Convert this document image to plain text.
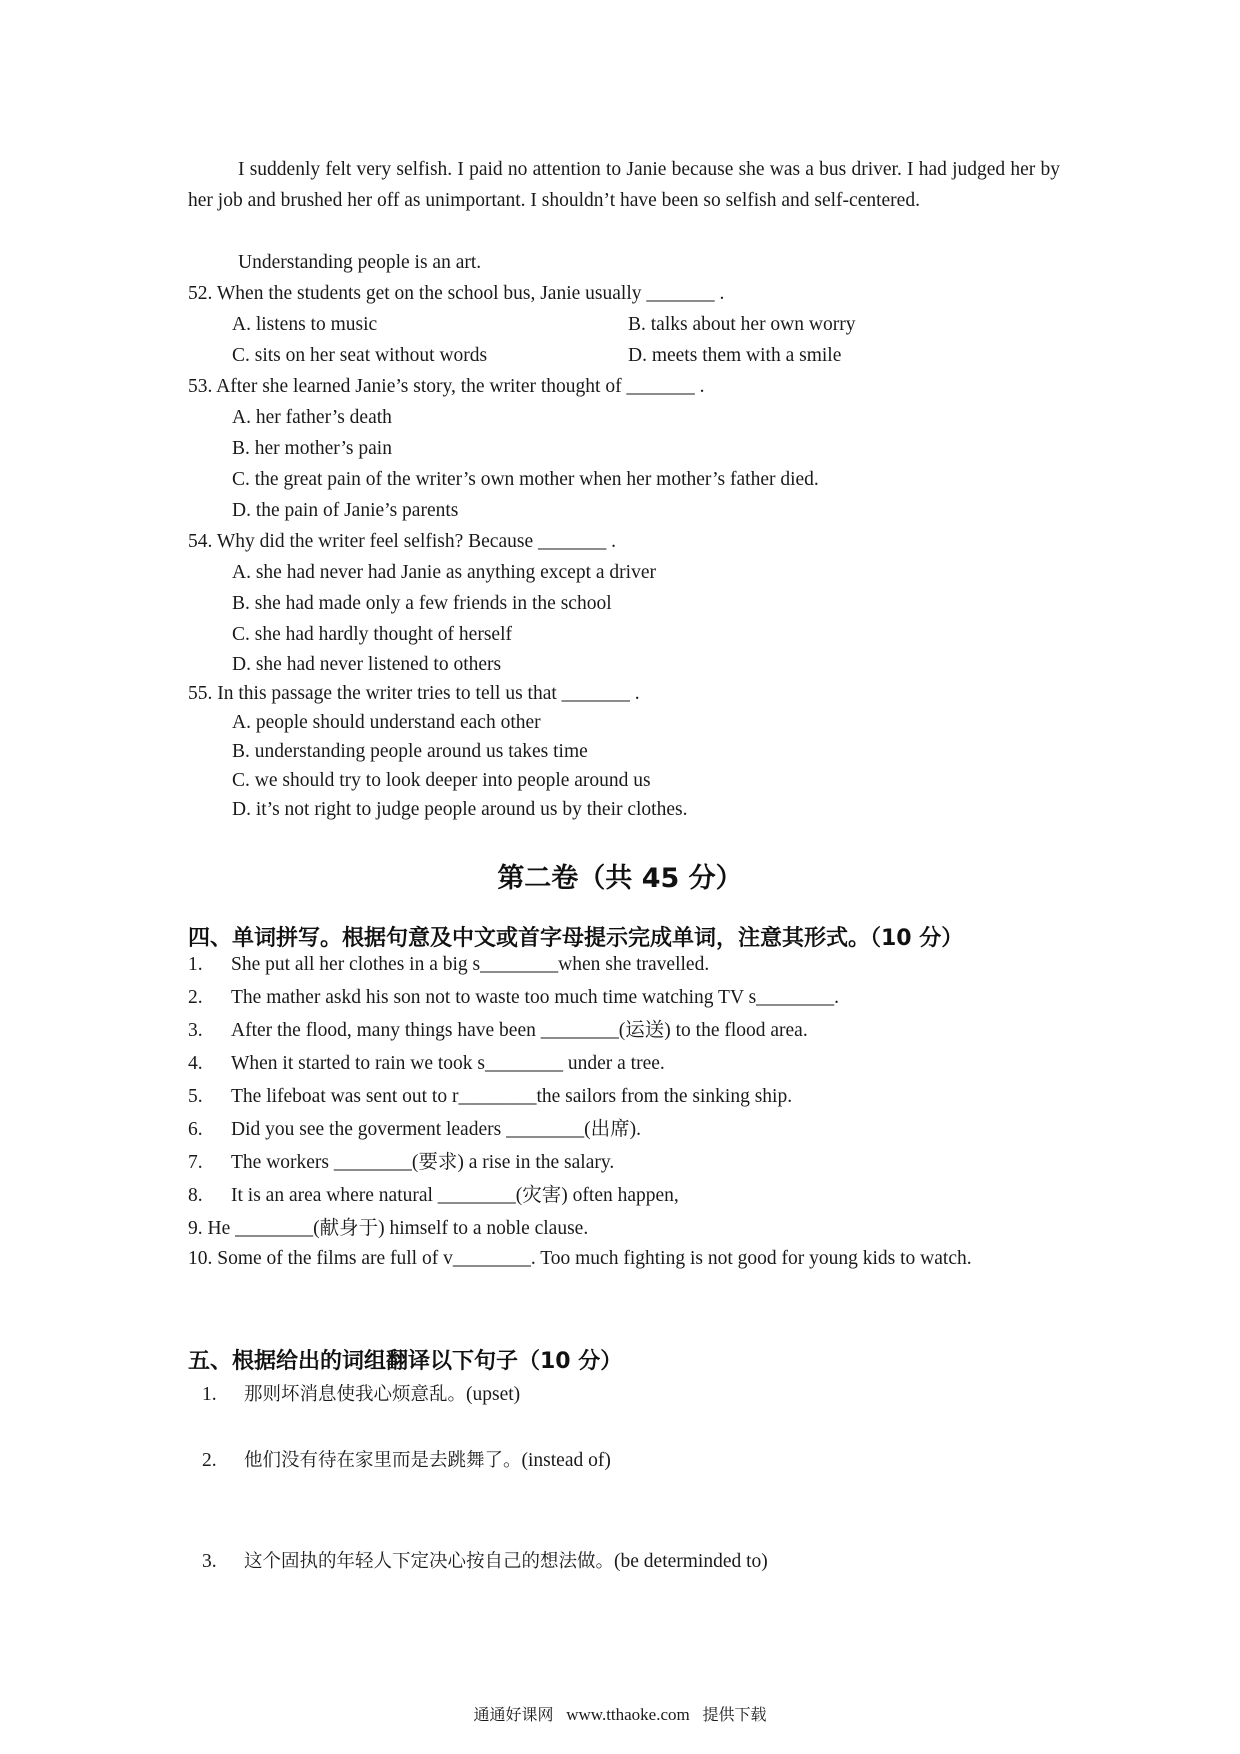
I suddenly felt very selfish. I paid no attention to Janie because she was a bus driver. I had judged her by her job and brushed her off as unimportant. I shouldn’t have been so selfish and self-centered.
Understanding people is an art.
52. When the students get on the school bus, Janie usually _______ .
A. listens to music	B. talks about her own worry
C. sits on her seat without words	D. meets them with a smile
53. After she learned Janie’s story, the writer thought of _______ .
A. her father’s death
B. her mother’s pain
C. the great pain of the writer’s own mother when her mother’s father died.
D. the pain of Janie’s parents
54. Why did the writer feel selfish? Because _______ .
A. she had never had Janie as anything except a driver
B. she had made only a few friends in the school
C. she had hardly thought of herself
D. she had never listened to others
55. In this passage the writer tries to tell us that _______ .
A. people should understand each other
B. understanding people around us takes time
C. we should try to look deeper into people around us
D. it’s not right to judge people around us by their clothes.
第二卷（共 45 分）
四、单词拼写。根据句意及中文或首字母提示完成单词，注意其形式。（10 分）
1. She put all her clothes in a big s________when she travelled.
2. The mather askd his son not to waste too much time watching TV s________.
3. After the flood, many things have been ________(运送) to the flood area.
4. When it started to rain we took s________ under a tree.
5. The lifeboat was sent out to r________the sailors from the sinking ship.
6. Did you see the goverment leaders ________(出席).
7. The workers ________(要求) a rise in the salary.
8. It is an area where natural ________(灾害) often happen,
9. He ________(献身于) himself to a noble clause.
10. Some of the films are full of v________. Too much fighting is not good for young kids to watch.
五、根据给出的词组翻译以下句子（10 分）
1. 那则坏消息使我心烦意乱。(upset)
2. 他们没有待在家里而是去跳舞了。(instead of)
3. 这个固执的年轻人下定决心按自己的想法做。(be determinded to)
通通好课网 www.tthaoke.com 提供下载
